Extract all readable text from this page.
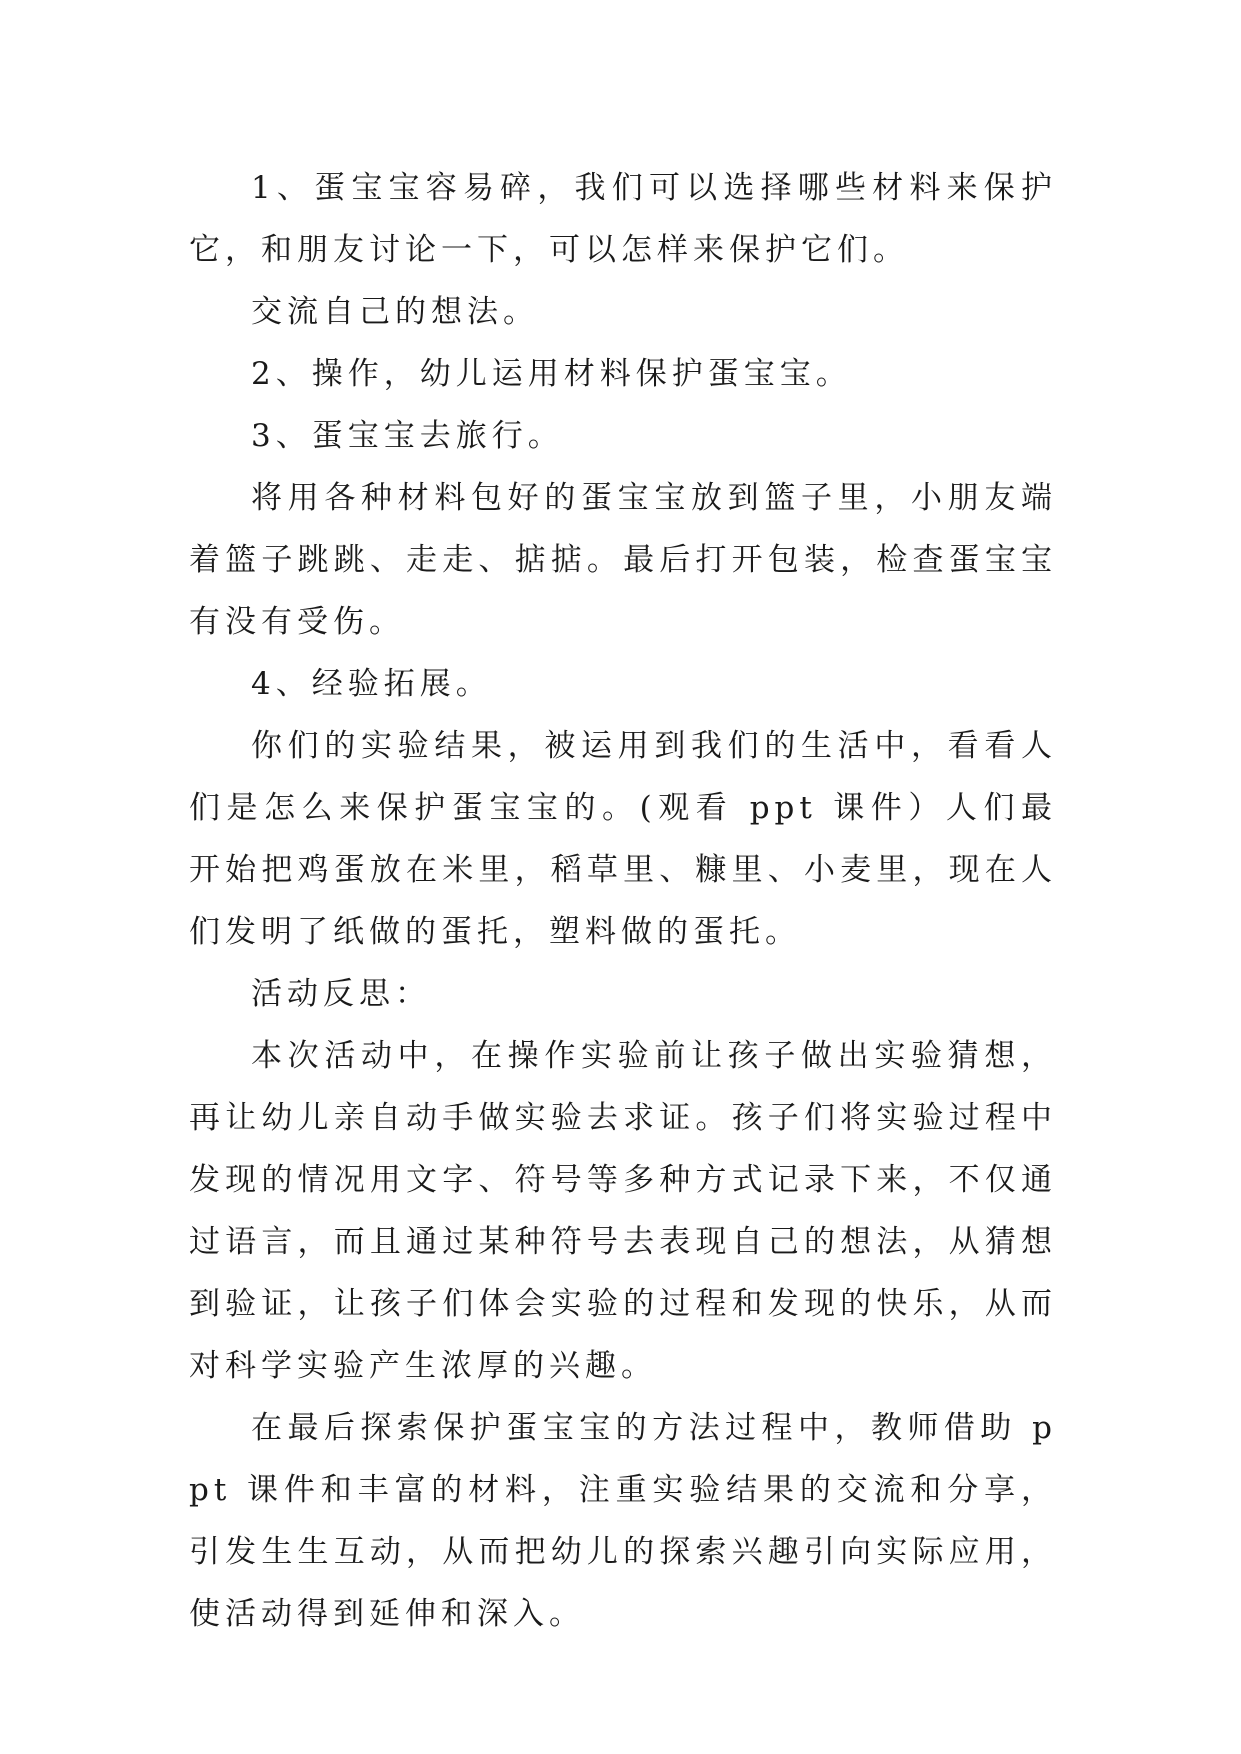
1、蛋宝宝容易碎，我们可以选择哪些材料来保护它，和朋友讨论一下，可以怎样来保护它们。

交流自己的想法。

2、操作，幼儿运用材料保护蛋宝宝。

3、蛋宝宝去旅行。

将用各种材料包好的蛋宝宝放到篮子里，小朋友端着篮子跳跳、走走、掂掂。最后打开包装，检查蛋宝宝有没有受伤。

4、经验拓展。

你们的实验结果，被运用到我们的生活中，看看人们是怎么来保护蛋宝宝的。(观看 ppt 课件）人们最开始把鸡蛋放在米里，稻草里、糠里、小麦里，现在人们发明了纸做的蛋托，塑料做的蛋托。

活动反思：

本次活动中，在操作实验前让孩子做出实验猜想，再让幼儿亲自动手做实验去求证。孩子们将实验过程中发现的情况用文字、符号等多种方式记录下来，不仅通过语言，而且通过某种符号去表现自己的想法，从猜想到验证，让孩子们体会实验的过程和发现的快乐，从而对科学实验产生浓厚的兴趣。

在最后探索保护蛋宝宝的方法过程中，教师借助 ppt 课件和丰富的材料，注重实验结果的交流和分享，引发生生互动，从而把幼儿的探索兴趣引向实际应用，使活动得到延伸和深入。
